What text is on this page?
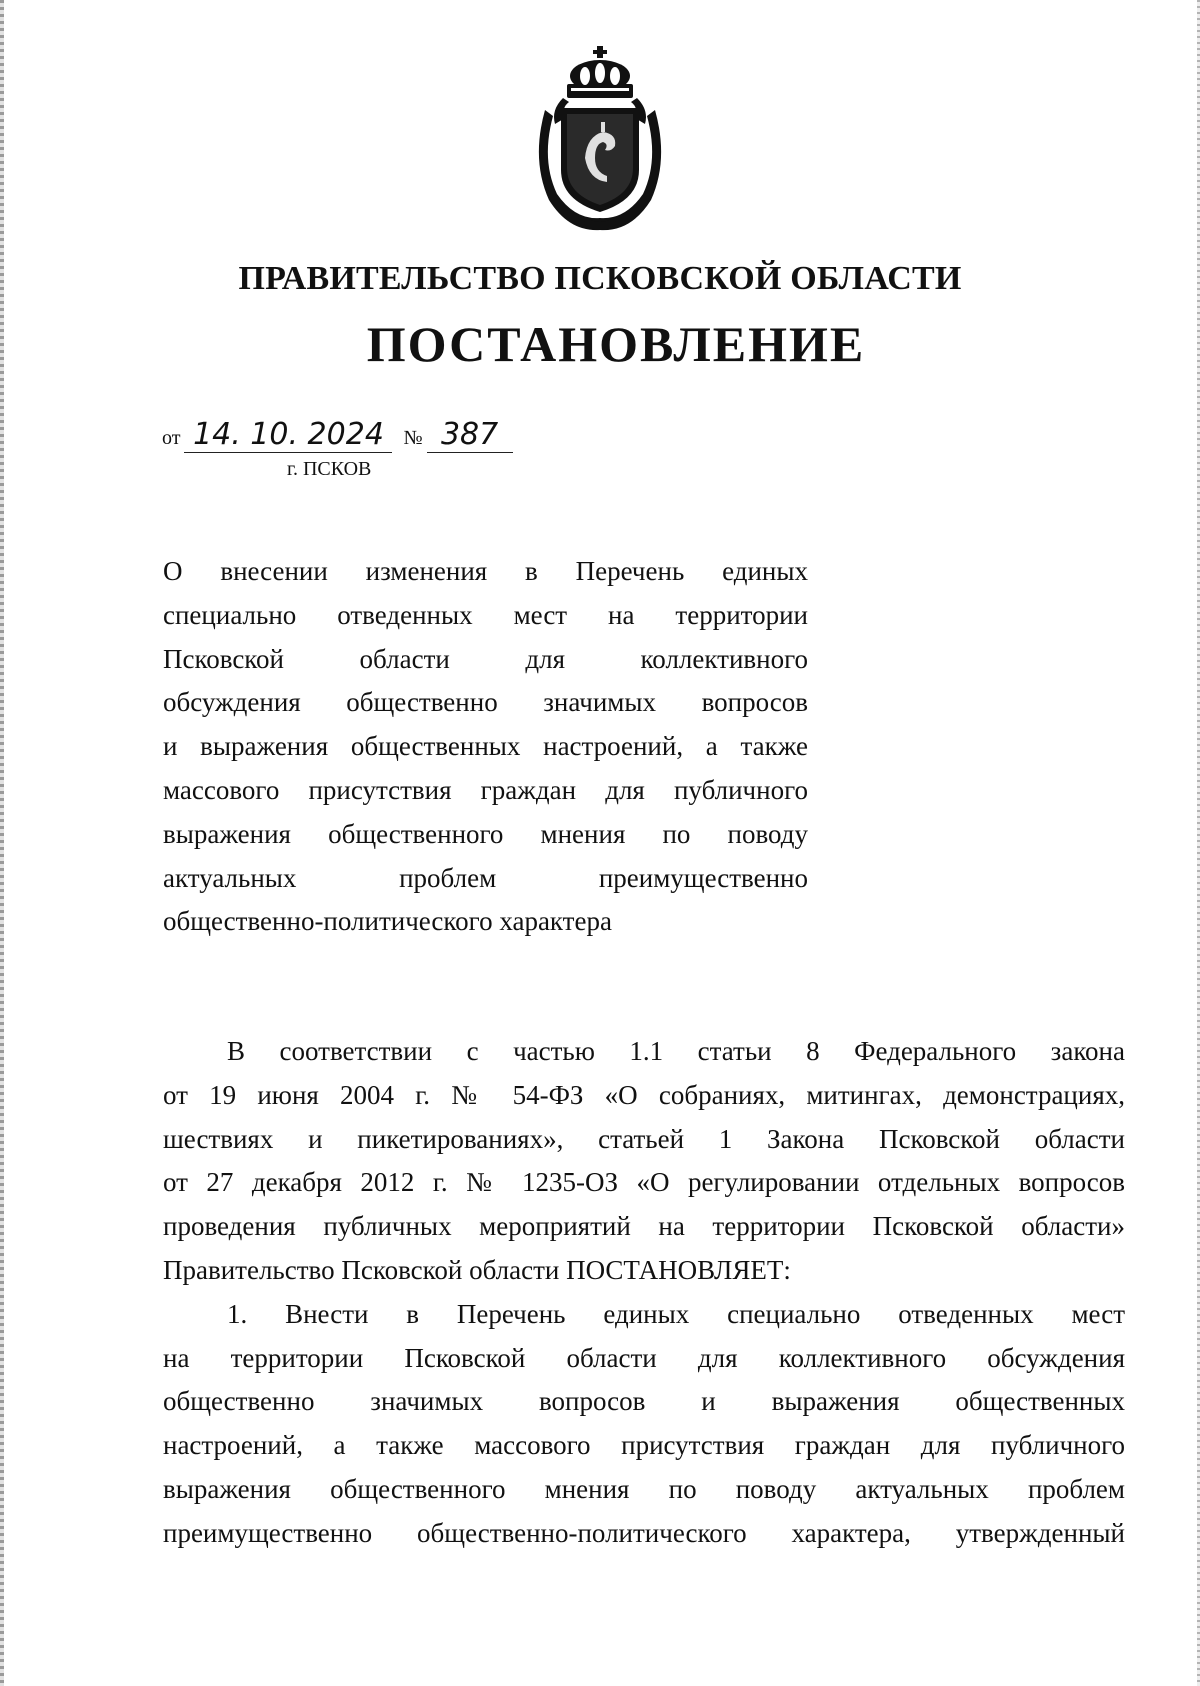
ПРАВИТЕЛЬСТВО ПСКОВСКОЙ ОБЛАСТИ
ПОСТАНОВЛЕНИЕ
от 14. 10. 2024 № 387
г. ПСКОВ
О внесении изменения в Перечень единых
специально отведенных мест на территории
Псковской области для коллективного
обсуждения общественно значимых вопросов
и выражения общественных настроений, а также
массового присутствия граждан для публичного
выражения общественного мнения по поводу
актуальных проблем преимущественно
общественно-политического характера
В соответствии с частью 1.1 статьи 8 Федерального закона
от 19 июня 2004 г. № 54-ФЗ «О собраниях, митингах, демонстрациях,
шествиях и пикетированиях», статьей 1 Закона Псковской области
от 27 декабря 2012 г. № 1235-ОЗ «О регулировании отдельных вопросов
проведения публичных мероприятий на территории Псковской области»
Правительство Псковской области ПОСТАНОВЛЯЕТ:
1. Внести в Перечень единых специально отведенных мест
на территории Псковской области для коллективного обсуждения
общественно значимых вопросов и выражения общественных
настроений, а также массового присутствия граждан для публичного
выражения общественного мнения по поводу актуальных проблем
преимущественно общественно-политического характера, утвержденный
